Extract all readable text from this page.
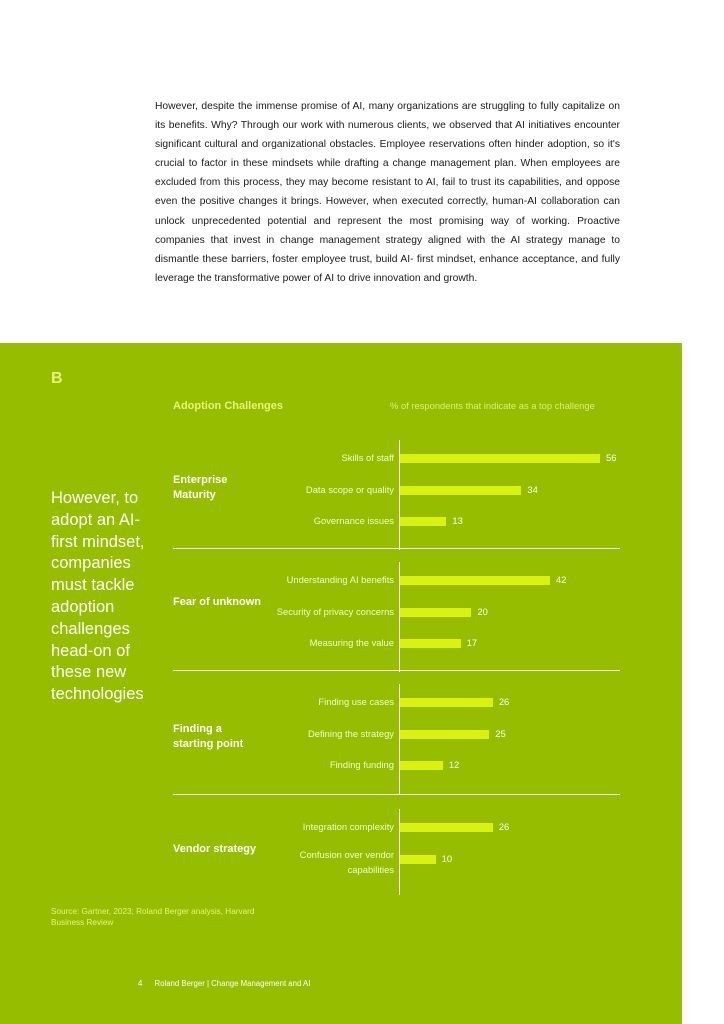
However, despite the immense promise of AI, many organizations are struggling to fully capitalize on its benefits. Why? Through our work with numerous clients, we observed that AI initiatives encounter significant cultural and organizational obstacles. Employee reservations often hinder adoption, so it's crucial to factor in these mindsets while drafting a change management plan. When employees are excluded from this process, they may become resistant to AI, fail to trust its capabilities, and oppose even the positive changes it brings. However, when executed correctly, human-AI collaboration can unlock unprecedented potential and represent the most promising way of working. Proactive companies that invest in change management strategy aligned with the AI strategy manage to dismantle these barriers, foster employee trust, build AI- first mindset, enhance acceptance, and fully leverage the transformative power of AI to drive innovation and growth.

B
Adoption Challenges	% of respondents that indicate as a top challenge
However, to adopt an AI-first mindset, companies must tackle adoption challenges head-on of these new technologies
Source: Gartner, 2023; Roland Berger analysis, Harvard Business Review
4 Roland Berger | Change Management and AI
Enterprise Maturity
Skills of staff	56
Data scope or quality	34
Governance issues	13
Fear of unknown
Understanding AI benefits	42
Security of privacy concerns	20
Measuring the value	17
Finding a starting point
Finding use cases	26
Defining the strategy	25
Finding funding	12
Vendor strategy
Integration complexity	26
Confusion over vendor capabilities
10
